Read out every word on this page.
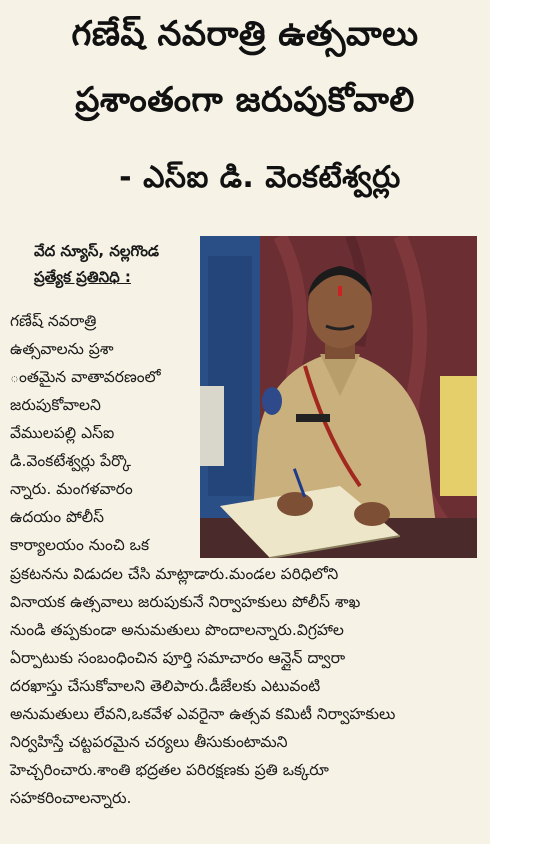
గణేష్ నవరాత్రి ఉత్సవాలు
ప్రశాంతంగా జరుపుకోవాలి
- ఎస్ఐ డి. వెంకటేశ్వర్లు
వేద న్యూస్, నల్లగొండ
ప్రత్యేక ప్రతినిధి :
గణేష్ నవరాత్రి
ఉత్సవాలను ప్రశా
ంతమైన వాతావరణంలో
జరుపుకోవాలని
వేములపల్లి ఎస్ఐ
డి.వెంకటేశ్వర్లు పేర్కొ
న్నారు. మంగళవారం
ఉదయం పోలీస్
కార్యాలయం నుంచి ఒక
ప్రకటనను విడుదల చేసి మాట్లాడారు.మండల పరిధిలోని
వినాయక ఉత్సవాలు జరుపుకునే నిర్వాహకులు పోలీస్ శాఖ
నుండి తప్పకుండా అనుమతులు పొందాలన్నారు.విగ్రహాల
ఏర్పాటుకు సంబంధించిన పూర్తి సమాచారం ఆన్లైన్ ద్వారా
దరఖాస్తు చేసుకోవాలని తెలిపారు.డీజేలకు ఎటువంటి
అనుమతులు లేవని,ఒకవేళ ఎవరైనా ఉత్సవ కమిటీ నిర్వాహకులు
నిర్వహిస్తే చట్టపరమైన చర్యలు తీసుకుంటామని
హెచ్చరించారు.శాంతి భద్రతల పరిరక్షణకు ప్రతి ఒక్కరూ
సహకరించాలన్నారు.
